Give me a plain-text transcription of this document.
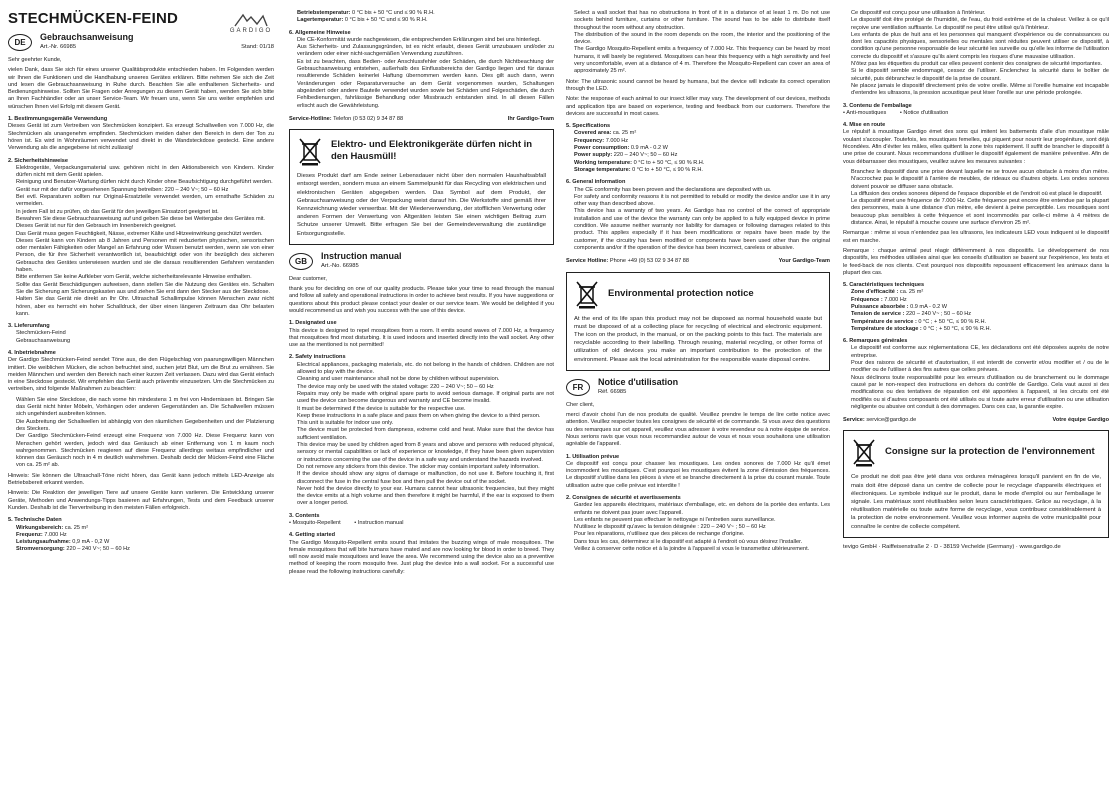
STECHMÜCKEN-FEIND
GARDIGO
DE
Gebrauchsanweisung
Art.-Nr. 66985	Stand: 01/18

Sehr geehrter Kunde,

vielen Dank, dass Sie sich für eines unserer Qualitätsprodukte entschieden haben. Im Folgenden werden wir Ihnen die Funktionen und die Handhabung unseres Gerätes erklären. Bitte nehmen Sie sich die Zeit und lesen die Gebrauchsanweisung in Ruhe durch. Beachten Sie alle enthaltenen Sicherheits- und Bedienungshinweise. Sollten Sie Fragen oder Anregungen zu diesem Gerät haben, wenden Sie sich bitte an Ihren Fachhändler oder an unser Service-Team. Wir freuen uns, wenn Sie uns weiter empfehlen und wünschen Ihnen viel Erfolg mit diesem Gerät.

1. Bestimmungsgemäße Verwendung

Dieses Gerät ist zum Vertreiben von Stechmücken konzipiert. Es erzeugt Schallwellen von 7.000 Hz, die Stechmücken als unangenehm empfinden. Stechmücken meiden daher den Bereich in dem der Ton zu hören ist. Es wird in Wohnräumen verwendet und direkt in die Wandsteckdose gesteckt. Eine andere Verwendung als die angegebene ist nicht zulässig!

2. Sicherheitshinweise
• Elektrogeräte, Verpackungsmaterial usw. gehören nicht in den Aktionsbereich von Kindern. Kinder dürfen nicht mit dem Gerät spielen.
• Reinigung und Benutzer-Wartung dürfen nicht durch Kinder ohne Beaufsichtigung durchgeführt werden.
• Gerät nur mit der dafür vorgesehenen Spannung betreiben: 220 – 240 V~; 50 – 60 Hz
• Bei evtl. Reparaturen sollten nur Original-Ersatzteile verwendet werden, um ernsthafte Schäden zu vermeiden.
• In jedem Fall ist zu prüfen, ob das Gerät für den jeweiligen Einsatzort geeignet ist.
• Bewahren Sie diese Gebrauchsanweisung auf und geben Sie diese bei Weitergabe des Gerätes mit.
• Dieses Gerät ist nur für den Gebrauch im Innenbereich geeignet.
• Das Gerät muss gegen Feuchtigkeit, Nässe, extremer Kälte und Hitzeeinwirkung geschützt werden.
• Dieses Gerät kann von Kindern ab 8 Jahren und Personen mit reduzierten physischen, sensorischen oder mentalen Fähigkeiten oder Mangel an Erfahrung oder Wissen benutzt werden, wenn sie von einer Person, die für ihre Sicherheit verantwortlich ist, beaufsichtigt oder von ihr bezüglich des sicheren Gebrauchs des Gerätes unterwiesen wurden und sie die daraus resultierenden Gefahren verstanden haben.
• Bitte entfernen Sie keine Aufkleber vom Gerät, welche sicherheitsrelevante Hinweise enthalten.
• Sollte das Gerät Beschädigungen aufweisen, dann stellen Sie die Nutzung des Gerätes ein. Schalten Sie die Sicherung am Sicherungskasten aus und ziehen Sie erst dann den Stecker aus der Steckdose.
• Halten Sie das Gerät nie direkt an Ihr Ohr. Ultraschall Schallimpulse können Menschen zwar nicht hören, aber es herrscht ein hoher Schalldruck, der über einen längeren Zeitraum das Ohr belasten kann.
3. Lieferumfang
• Stechmücken-Feind
• Gebrauchsanweisung
4. Inbetriebnahme

Der Gardigo Stechmücken-Feind sendet Töne aus, die den Flügelschlag von paarungswilligen Männchen imitiert. Die weiblichen Mücken, die schon befruchtet sind, suchen jetzt Blut, um die Brut zu ernähren. Sie meiden Männchen und werden den Bereich nach einer kurzen Zeit verlassen. Dazu wird das Gerät einfach in eine Steckdose gesteckt. Wir empfehlen das Gerät auch präventiv einzusetzen. Um die Stechmücken zu vertreiben, sind folgende Maßnahmen zu beachten:

• Wählen Sie eine Steckdose, die nach vorne hin mindestens 1 m frei von Hindernissen ist. Bringen Sie das Gerät nicht hinter Möbeln, Vorhängen oder anderen Gegenständen an. Die Schallwellen müssen sich ungehindert ausbreiten können.
• Die Ausbreitung der Schallwellen ist abhängig von den räumlichen Gegebenheiten und der Platzierung des Steckers.
• Der Gardigo Stechmücken-Feind erzeugt eine Frequenz von 7.000 Hz. Diese Frequenz kann von Menschen gehört werden, jedoch wird das Geräusch ab einer Entfernung von 1 m kaum noch wahrgenommen. Stechmücken reagieren auf diese Frequenz allerdings weitaus empfindlicher und können das Geräusch noch in 4 m deutlich wahrnehmen. Deshalb deckt der Mücken-Feind eine Fläche von ca. 25 m² ab.

Hinweis: Sie können die Ultraschall-Töne nicht hören, das Gerät kann jedoch mittels LED-Anzeige als Betriebsbereit erkannt werden.

Hinweis: Die Reaktion der jeweiligen Tiere auf unsere Geräte kann variieren. Die Entwicklung unserer Geräte, Methoden und Anwendungs-Tipps basieren auf Erfahrungen, Tests und dem Feedback unserer Kunden. Deshalb ist die Tiervertreibung in den meisten Fällen erfolgreich.

5. Technische Daten
• Wirkungsbereich: ca. 25 m²
• Frequenz: 7.000 Hz
• Leistungsaufnahme: 0,9 mA - 0,2 W
• Stromversorgung: 220 – 240 V~; 50 – 60 Hz
• Betriebstemperatur: 0 °C bis + 50 °C und ≤ 90 % R.H.
• Lagertemperatur: 0 °C bis + 50 °C und ≤ 90 % R.H.
6. Allgemeine Hinweise
• Die CE-Konformität wurde nachgewiesen, die entsprechenden Erklärungen sind bei uns hinterlegt.
• Aus Sicherheits- und Zulassungsgründen, ist es nicht erlaubt, dieses Gerät umzubauen und/oder zu verändern oder einer nicht-sachgemäßen Verwendung zuzuführen.
• Es ist zu beachten, dass Bedien- oder Anschlussfehler oder Schäden, die durch Nichtbeachtung der Gebrauchsanweisung entstehen, außerhalb des Einflussbereichs der Gardigo liegen und für daraus resultierende Schäden keinerlei Haftung übernommen werden kann. Dies gilt auch dann, wenn Veränderungen oder Reparaturversuche an dem Gerät vorgenommen wurden, Schaltungen abgeändert oder andere Bauteile verwendet wurden sowie bei Schäden und Folgeschäden, die durch Fehlbedienungen, fahrlässige Behandlung oder Missbrauch entstanden sind. In all diesen Fällen erlischt auch die Gewährleistung.
Service-Hotline: Telefon (0 53 02) 9 34 87 88	Ihr Gardigo-Team
Elektro- und Elektronikgeräte dürfen nicht in den Hausmüll!
Dieses Produkt darf am Ende seiner Lebensdauer nicht über den normalen Haushaltsabfall entsorgt werden, sondern muss an einem Sammelpunkt für das Recycling von elektrischen und elektronischen Geräten abgegeben werden. Das Symbol auf dem Produkt, der Gebrauchsanweisung oder der Verpackung weist darauf hin. Die Werkstoffe sind gemäß ihrer Kennzeichnung wieder verwertbar. Mit der Wiederverwendung, der stofflichen Verwertung oder anderen Formen der Verwertung von Altgeräten leisten Sie einen wichtigen Beitrag zum Schutze unserer Umwelt. Bitte erfragen Sie bei der Gemeindeverwaltung die zuständige Entsorgungsstelle.
GB
Instruction manual
Art.-No. 66985

Dear customer,

thank you for deciding on one of our quality products. Please take your time to read through the manual and follow all safety and operational instructions in order to achieve best results. If you have suggestions or questions about this product please contact your dealer or our service team. We would be delighted if you would recommend us and wish you success with the use of this device.

1. Designated use

This device is designed to repel mosquitoes from a room. It emits sound waves of 7.000 Hz, a frequency that mosquitoes find most disturbing. It is used indoors and inserted directly into the wall socket. Any other use as the mentioned is not permitted!

2. Safety instructions
• Electrical appliances, packaging materials, etc. do not belong in the hands of children. Children are not allowed to play with the device.
• Cleaning and user maintenance shall not be done by children without supervision.
• The device may only be used with the stated voltage: 220 – 240 V~; 50 – 60 Hz
• Repairs may only be made with original spare parts to avoid serious damage. If original parts are not used the device can become dangerous and warranty and CE become invalid.
• It must be determined if the device is suitable for the respective use.
• Keep these instructions in a safe place and pass them on when giving the device to a third person.
• This unit is suitable for indoor use only.
• The device must be protected from dampness, extreme cold and heat. Make sure that the device has sufficient ventilation.
• This device may be used by children aged from 8 years and above and persons with reduced physical, sensory or mental capabilities or lack of experience or knowledge, if they have been given supervision or instructions concerning the use of the device in a safe way and understand the hazards involved.
• Do not remove any stickers from this device. The sticker may contain important safety information.
• If the device should show any signs of damage or malfunction, do not use it. Before touching it, first disconnect the fuse in the central fuse box and then pull the device out of the socket.
• Never hold the device directly to your ear. Humans cannot hear ultrasonic frequencies, but they might the device emits at a high volume and then therefore it might be harmful, if the ear is exposed to them over a longer period.
3. Contents
• Mosquito-Repellent • Instruction manual
4. Getting started

The Gardigo Mosquito-Repellent emits sound that imitates the buzzing wings of male mosquitoes. The female mosquitoes that will bite humans have mated and are now looking for blood in order to breed. They will now avoid male mosquitoes and leave the area. We recommend using the device also as a preventive method of keeping the room mosquito free. Just plug the device into a wall socket. For a successful use please read the following instructions carefully:

• Select a wall socket that has no obstructions in front of it in a distance of at least 1 m. Do not use sockets behind furniture, curtains or other furniture. The sound has to be able to distribute itself throughout the room without any obstruction.
• The distribution of the sound in the room depends on the room, the interior and the positioning of the device.
• The Gardigo Mosquito-Repellent emits a frequency of 7.000 Hz. This frequency can be heard by most humans, it will barely be registered. Mosquitoes can hear this frequency with a high sensitivity and feel very uncomfortable, even at a distance of 4 m. Therefore the Mosquito-Repellent can cover an area of approximately 25 m².

Note: The ultrasonic sound cannot be heard by humans, but the device will indicate its correct operation through the LED.

Note: the response of each animal to our insect killer may vary. The development of our devices, methods and application tips are based on experience, testing and feedback from our customers. Therefore the devices are successful in most cases.

5. Specifications
• Covered area: ca. 25 m²
• Frequency: 7.000 Hz
• Power consumption: 0.9 mA - 0.2 W
• Power supply: 220 – 240 V~; 50 – 60 Hz
• Working temperature: 0 °C to + 50 °C, ≤ 90 % R.H.
• Storage temperature: 0 °C to + 50 °C, ≤ 90 % R.H.
6. General information
• The CE conformity has been proven and the declarations are deposited with us.
• For safety and conformity reasons it is not permitted to rebuild or modify the device and/or use it in any other way than described above.
• This device has a warranty of two years. As Gardigo has no control of the correct of appropriate installation and use of the device the warranty can only be applied to a fully equipped device in prime condition. We assume neither warranty nor liability for damages or following damages related to this product. This applies especially if it has been modifications or repairs have been made by the customer, if the circuitry has been modified or components have been used other than the original components and/or if the operation of the device has been incorrect, careless or abusive.
Service Hotline: Phone +49 (0) 53 02 9 34 87 88	Your Gardigo-Team
Environmental protection notice
At the end of its life span this product may not be disposed as normal household waste but must be disposed of at a collecting place for recycling of electrical and electronic equipment. The icon on the product, in the manual, or on the packing points to this fact. The materials are recyclable according to their labelling. Through reusing, material recycling, or other forms of utilization of old devices you make an important contribution to the protection of the environment. Please ask the local administration for the responsible waste disposal centre.
FR
Notice d'utilisation
Réf. 66985

Cher client,

merci d'avoir choisi l'un de nos produits de qualité. Veuillez prendre le temps de lire cette notice avec attention. Veuillez respecter toutes les consignes de sécurité et de commande. Si vous avez des questions ou des remarques sur cet appareil, veuillez vous adresser à votre revendeur ou à notre équipe de service. Nous serions ravis que vous nous recommandiez autour de vous et nous vous souhaitons une utilisation agréable de l'appareil.

1. Utilisation prévue

Ce dispositif est conçu pour chasser les moustiques. Les ondes sonores de 7.000 Hz qu'il émet incommodent les moustiques. C'est pourquoi les moustiques évitent la zone d'émission des fréquences. Le dispositif s'utilise dans les pièces à vivre et se branche directement à la prise du courant murale. Toute utilisation autre que celle prévue est interdite !

2. Consignes de sécurité et avertissements
• Gardez les appareils électriques, matériaux d'emballage, etc. en dehors de la portée des enfants. Les enfants ne doivent pas jouer avec l'appareil.
• Les enfants ne peuvent pas effectuer le nettoyage ni l'entretien sans surveillance.
• N'utilisez le dispositif qu'avec la tension désignée : 220 – 240 V~ ; 50 – 60 Hz
• Pour les réparations, n'utilisez que des pièces de rechange d'origine.
• Dans tous les cas, déterminez si le dispositif est adapté à l'endroit où vous désirez l'installer.
• Veillez à conserver cette notice et à la joindre à l'appareil si vous le transmettez ultérieurement.
• Ce dispositif est conçu pour une utilisation à l'intérieur.
• Le dispositif doit être protégé de l'humidité, de l'eau, du froid extrême et de la chaleur. Veillez à ce qu'il reçoive une ventilation suffisante. Le dispositif ne peut être utilisé qu'à l'intérieur.
• Les enfants de plus de huit ans et les personnes qui manquent d'expérience ou de connaissances ou dont les capacités physiques, sensorielles ou mentales sont réduites peuvent utiliser ce dispositif, à condition qu'une personne responsable de leur sécurité les surveille ou qu'elle les informe de l'utilisation correcte du dispositif et s'assure qu'ils aient compris les risques d'une mauvaise utilisation.
• N'ôtez pas les étiquettes du produit car elles peuvent contenir des consignes de sécurité importantes.
• Si le dispositif semble endommagé, cessez de l'utiliser. Enclenchez la sécurité dans le boîtier de sécurité, puis débranchez le dispositif de la prise de courant.
• Ne placez jamais le dispositif directement près de votre oreille. Même si l'oreille humaine est incapable d'entendre les ultrasons, la pression acoustique peut léser l'oreille sur une période prolongée.
3. Contenu de l'emballage
• Anti-moustiques • Notice d'utilisation
4. Mise en route

Le répulsif à moustique Gardigo émet des sons qui imitent les battements d'aile d'un moustique mâle voulant s'accoupler. Toutefois, les moustiques femelles, qui piquent pour nourrir leur progéniture, sont déjà fécondées. Afin d'éviter les mâles, elles quittent la zone très rapidement. Il suffit de brancher le dispositif à une prise de courant. Nous recommandons d'utiliser le dispositif également de manière préventive. Afin de vous débarrasser des moustiques, veuillez suivre les mesures suivantes :

• Branchez le dispositif dans une prise devant laquelle ne se trouve aucun obstacle à moins d'un mètre. N'accrochez pas le dispositif à l'arrière de meubles, de rideaux ou d'autres objets. Les ondes sonores doivent pouvoir se diffuser sans obstacle.
• La diffusion des ondes sonores dépend de l'espace disponible et de l'endroit où est placé le dispositif.
• Le dispositif émet une fréquence de 7.000 Hz. Cette fréquence peut encore être entendue par la plupart des personnes, mais à une distance d'un mètre, elle devient à peine perceptible. Les moustiques sont beaucoup plus sensibles à cette fréquence et sont incommodés par celle-ci même à 4 mètres de distance. Ainsi, le répulsif à mouche couvre une surface d'environ 25 m².

Remarque : même si vous n'entendez pas les ultrasons, les indicateurs LED vous indiquent si le dispositif est en marche.

Remarque : chaque animal peut réagir différemment à nos dispositifs. Le développement de nos dispositifs, les méthodes utilisées ainsi que les conseils d'utilisation se basent sur l'expérience, les tests et le feed-back de nos clients. C'est pourquoi nos dispositifs repoussent efficacement les animaux dans la plupart des cas.

5. Caractéristiques techniques
• Zone d'efficacité : ca. 25 m²
• Fréquence : 7.000 Hz
• Puissance absorbée : 0.9 mA - 0.2 W
• Tension de service : 220 – 240 V~ ; 50 – 60 Hz
• Température de service : 0 °C ; + 50 °C, ≤ 90 % R.H.
• Température de stockage : 0 °C ; + 50 °C, ≤ 90 % R.H.
6. Remarques générales
• Le dispositif est conforme aux réglementations CE, les déclarations ont été déposées auprès de notre entreprise.
• Pour des raisons de sécurité et d'autorisation, il est interdit de convertir et/ou modifier et / ou de le modifier ou de l'utiliser à des fins autres que celles prévues.
• Nous déclinons toute responsabilité pour les erreurs d'utilisation ou de branchement ou le dommage causé par le non-respect des instructions en dehors du contrôle de Gardigo. Cela vaut aussi si des modifications ou des tentatives de réparation ont été apportées à l'appareil, si les circuits ont été modifiés ou si d'autres composants ont été utilisés ou si toute autre erreur d'utilisation ou une utilisation négligente ou abusive ont conduit à des dommages. Dans ces cas, la garantie expire.
Service: service@gardigo.de	Votre équipe Gardigo
Consigne sur la protection de l'environnement
Ce produit ne doit pas être jeté dans vos ordures ménagères lorsqu'il parvient en fin de vie, mais doit être déposé dans un centre de collecte pour le recyclage d'appareils électriques et électroniques. Le symbole indiqué sur le produit, dans le mode d'emploi ou sur l'emballage le signale. Les matériaux sont réutilisables selon leurs caractéristiques. Grâce au recyclage, à la réutilisation matérielle ou toute autre forme de recyclage, vous contribuez considérablement à la protection de notre environnement. Veuillez vous informer auprès de votre municipalité pour connaître le centre de collecte compétent.
tevigo GmbH · Raiffeisenstraße 2 · D - 38159 Vechelde (Germany) · www.gardigo.de
